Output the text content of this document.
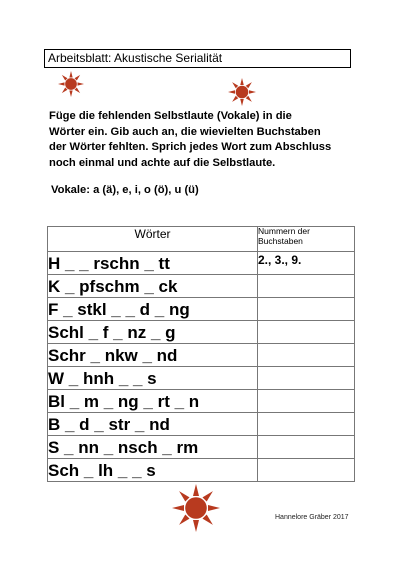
Arbeitsblatt: Akustische Serialität
Füge die fehlenden Selbstlaute (Vokale) in die
Wörter ein. Gib auch an, die wievielten Buchstaben
der Wörter fehlten. Sprich jedes Wort zum Abschluss
noch einmal und achte auf die Selbstlaute.
Vokale: a (ä), e, i, o (ö), u (ü)
Wörter	Nummern der Buchstaben
H _ _ rschn _ tt	2., 3., 9.
K _ pfschm _ ck	
F _ stkl _ _ d _ ng	
Schl _ f _ nz _ g	
Schr _ nkw _ nd	
W _ hnh _ _ s	
Bl _ m _ ng _ rt _ n	
B _ d _ str _ nd	
S _ nn _ nsch _ rm	
Sch _ lh _ _ s	
Hannelore Gräber 2017
